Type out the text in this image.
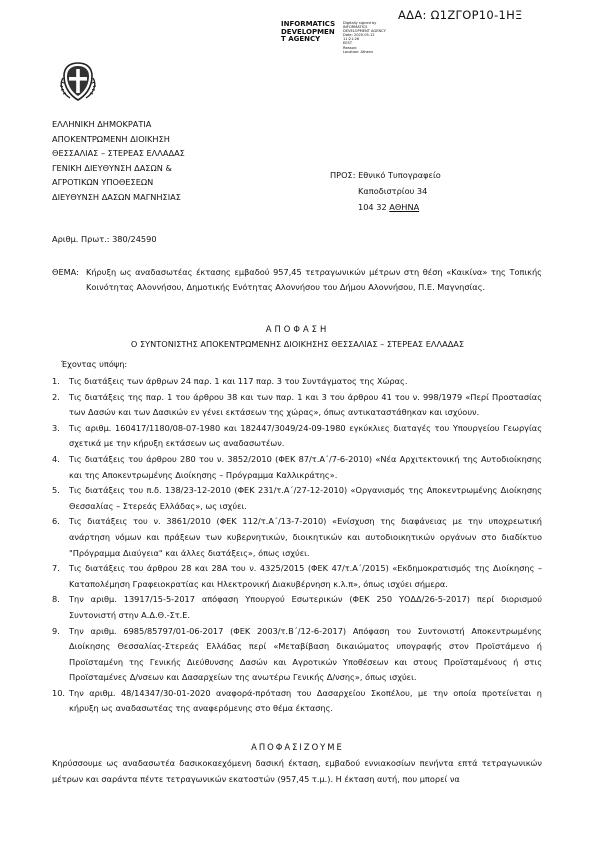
ΑΔΑ: Ω1ΖΓΟΡ10-1ΗΞ
INFORMATICS
DEVELOPMEN
T AGENCY
Digitally signed by
INFORMATICS
DEVELOPMENT AGENCY
Date: 2020.05.12 11:21:26
EEST
Reason:
Location: Athens
ΕΛΛΗΝΙΚΗ ΔΗΜΟΚΡΑΤΙΑ
ΑΠΟΚΕΝΤΡΩΜΕΝΗ ΔΙΟΙΚΗΣΗ
ΘΕΣΣΑΛΙΑΣ – ΣΤΕΡΕΑΣ ΕΛΛΑΔΑΣ
ΓΕΝΙΚΗ ΔΙΕΥΘΥΝΣΗ ΔΑΣΩΝ &
ΑΓΡΟΤΙΚΩΝ ΥΠΟΘΕΣΕΩΝ
ΔΙΕΥΘΥΝΣΗ ΔΑΣΩΝ ΜΑΓΝΗΣΙΑΣ
ΠΡΟΣ: Εθνικό Τυπογραφείο
Καποδιστρίου 34
104 32 ΑΘΗΝΑ
Αριθμ. Πρωτ.: 380/24590
ΘΕΜΑ: Κήρυξη ως αναδασωτέας έκτασης εμβαδού 957,45 τετραγωνικών μέτρων στη θέση «Καικίνα» της Τοπικής Κοινότητας Αλοννήσου, Δημοτικής Ενότητας Αλοννήσου του Δήμου Αλοννήσου, Π.Ε. Μαγνησίας.
ΑΠΟΦΑΣΗ
Ο ΣΥΝΤΟΝΙΣΤΗΣ ΑΠΟΚΕΝΤΡΩΜΕΝΗΣ ΔΙΟΙΚΗΣΗΣ ΘΕΣΣΑΛΙΑΣ – ΣΤΕΡΕΑΣ ΕΛΛΑΔΑΣ
Έχοντας υπόψη:
1. Τις διατάξεις των άρθρων 24 παρ. 1 και 117 παρ. 3 του Συντάγματος της Χώρας.
2. Τις διατάξεις της παρ. 1 του άρθρου 38 και των παρ. 1 και 3 του άρθρου 41 του ν. 998/1979 «Περί Προστασίας των Δασών και των Δασικών εν γένει εκτάσεων της χώρας», όπως αντικαταστάθηκαν και ισχύουν.
3. Τις αριθμ. 160417/1180/08-07-1980 και 182447/3049/24-09-1980 εγκύκλιες διαταγές του Υπουργείου Γεωργίας σχετικά με την κήρυξη εκτάσεων ως αναδασωτέων.
4. Τις διατάξεις του άρθρου 280 του ν. 3852/2010 (ΦΕΚ 87/τ.Α΄/7-6-2010) «Νέα Αρχιτεκτονική της Αυτοδιοίκησης και της Αποκεντρωμένης Διοίκησης – Πρόγραμμα Καλλικράτης».
5. Τις διατάξεις του π.δ. 138/23-12-2010 (ΦΕΚ 231/τ.Α΄/27-12-2010) «Οργανισμός της Αποκεντρωμένης Διοίκησης Θεσσαλίας – Στερεάς Ελλάδας», ως ισχύει.
6. Τις διατάξεις του ν. 3861/2010 (ΦΕΚ 112/τ.Α΄/13-7-2010) «Ενίσχυση της διαφάνειας με την υποχρεωτική ανάρτηση νόμων και πράξεων των κυβερνητικών, διοικητικών και αυτοδιοικητικών οργάνων στο διαδίκτυο "Πρόγραμμα Διαύγεια" και άλλες διατάξεις», όπως ισχύει.
7. Τις διατάξεις του άρθρου 28 και 28Α του ν. 4325/2015 (ΦΕΚ 47/τ.Α΄/2015) «Εκδημοκρατισμός της Διοίκησης – Καταπολέμηση Γραφειοκρατίας και Ηλεκτρονική Διακυβέρνηση κ.λ.π», όπως ισχύει σήμερα.
8. Την αριθμ. 13917/15-5-2017 απόφαση Υπουργού Εσωτερικών (ΦΕΚ 250 ΥΟΔΔ/26-5-2017) περί διορισμού Συντονιστή στην Α.Δ.Θ.-Στ.Ε.
9. Την αριθμ. 6985/85797/01-06-2017 (ΦΕΚ 2003/τ.Β΄/12-6-2017) Απόφαση του Συντονιστή Αποκεντρωμένης Διοίκησης Θεσσαλίας-Στερεάς Ελλάδας περί «Μεταβίβαση δικαιώματος υπογραφής στον Προϊστάμενο ή Προϊσταμένη της Γενικής Διεύθυνσης Δασών και Αγροτικών Υποθέσεων και στους Προϊσταμένους ή στις Προϊσταμένες Δ/νσεων και Δασαρχείων της ανωτέρω Γενικής Δ/νσης», όπως ισχύει.
10. Την αριθμ. 48/14347/30-01-2020 αναφορά-πρόταση του Δασαρχείου Σκοπέλου, με την οποία προτείνεται η κήρυξη ως αναδασωτέας της αναφερόμενης στο θέμα έκτασης.
ΑΠΟΦΑΣΙΖΟΥΜΕ
Κηρύσσουμε ως αναδασωτέα δασικοκαεχόμενη δασική έκταση, εμβαδού εννιακοσίων πενήντα επτά τετραγωνικών μέτρων και σαράντα πέντε τετραγωνικών εκατοστών (957,45 τ.μ.). Η έκταση αυτή, που μπορεί να
